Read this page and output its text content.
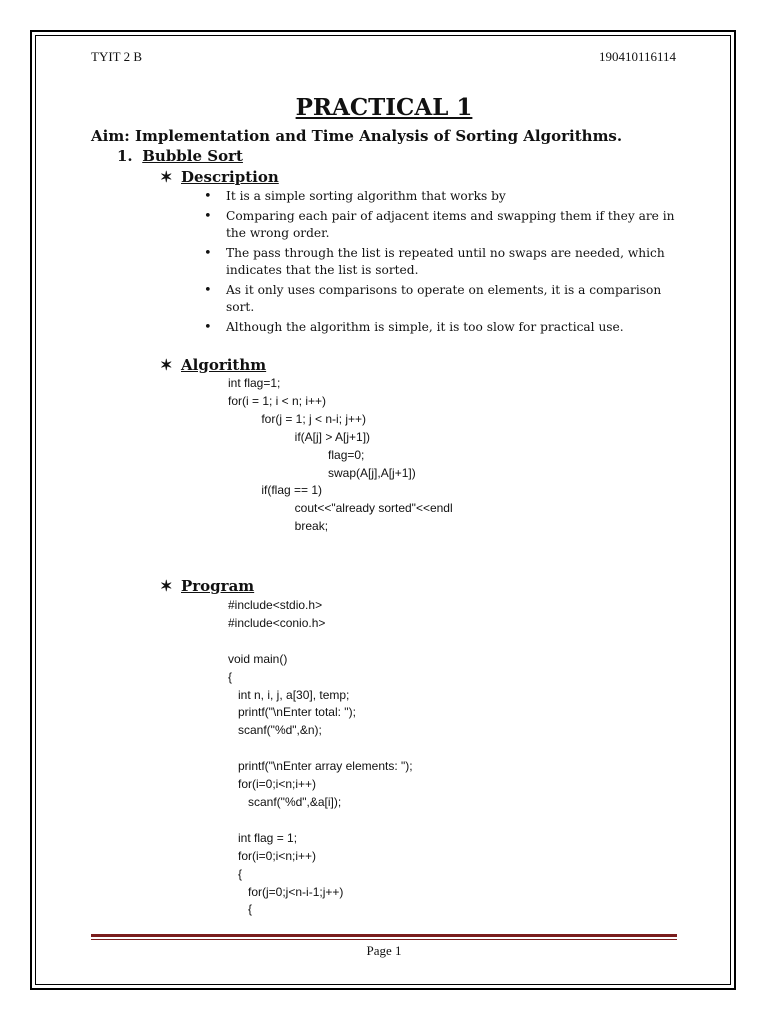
TYIT 2 B	190410116114
PRACTICAL 1
Aim: Implementation and Time Analysis of Sorting Algorithms.
1. Bubble Sort
✶ Description
• It is a simple sorting algorithm that works by
• Comparing each pair of adjacent items and swapping them if they are in the wrong order.
• The pass through the list is repeated until no swaps are needed, which indicates that the list is sorted.
• As it only uses comparisons to operate on elements, it is a comparison sort.
• Although the algorithm is simple, it is too slow for practical use.
✶ Algorithm
int flag=1;
for(i = 1; i < n; i++)
for(j = 1; j < n-i; j++)
if(A[j] > A[j+1])
flag=0;
swap(A[j],A[j+1])
if(flag == 1)
cout<<"already sorted"<<endl
break;
✶ Program
#include<stdio.h>
#include<conio.h>

void main()
{
int n, i, j, a[30], temp;
printf("\nEnter total: ");
scanf("%d",&n);

printf("\nEnter array elements: ");
for(i=0;i<n;i++)
scanf("%d",&a[i]);

int flag = 1;
for(i=0;i<n;i++)
{
for(j=0;j<n-i-1;j++)
{
Page 1
